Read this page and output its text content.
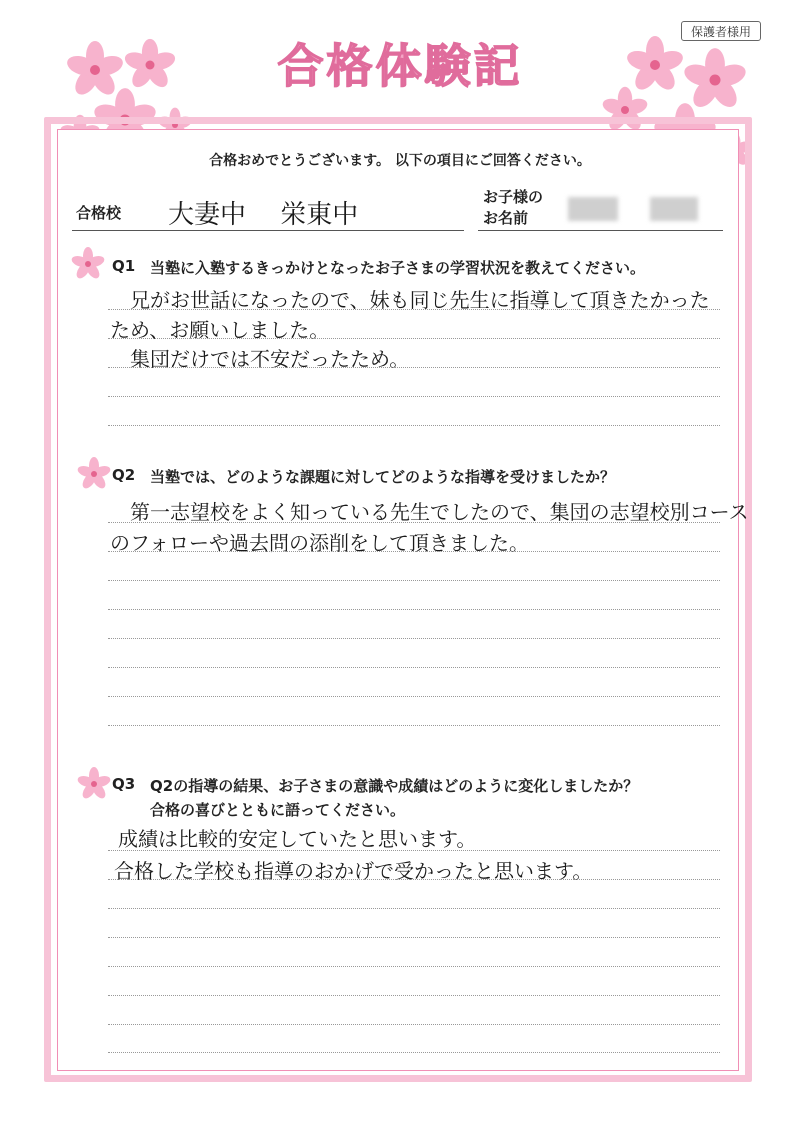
保護者様用
合格体験記
合格おめでとうございます。 以下の項目にご回答ください。
合格校 大妻中　 栄東中
お子様の
お名前
Q1 当塾に入塾するきっかけとなったお子さまの学習状況を教えてください。
兄がお世話になったので、妹も同じ先生に指導して頂きたかった
ため、お願いしました。
集団だけでは不安だったため。
Q2 当塾では、どのような課題に対してどのような指導を受けましたか？
第一志望校をよく知っている先生でしたので、集団の志望校別コース
のフォローや過去問の添削をして頂きました。
Q3 Q2の指導の結果、お子さまの意識や成績はどのように変化しましたか？
合格の喜びとともに語ってください。
成績は比較的安定していたと思います。
合格した学校も指導のおかげで受かったと思います。
